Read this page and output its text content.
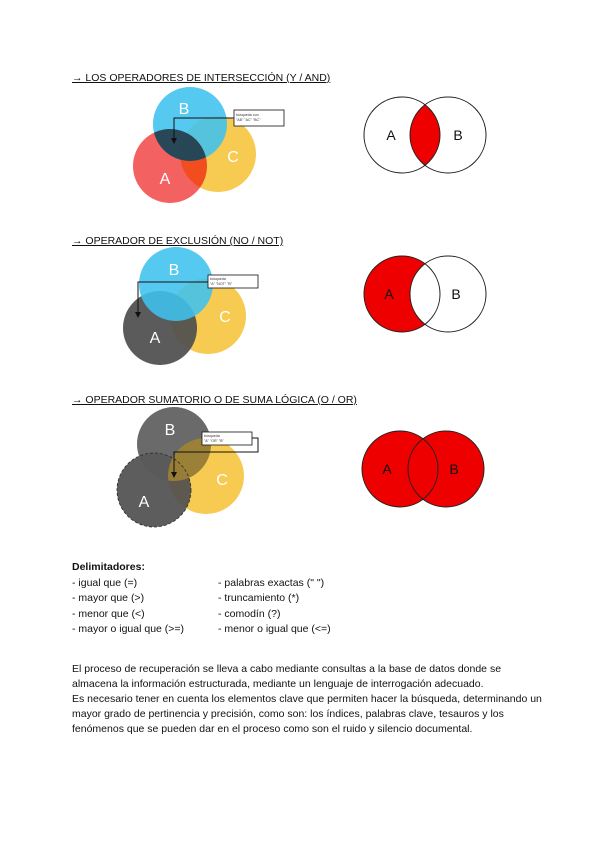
→ LOS OPERADORES DE INTERSECCIÓN (Y / AND)
B
C
A
búsqueda con
"AB" "AC" "BC"
A	B
→ OPERADOR DE EXCLUSIÓN (NO / NOT)
B
C
A
búsqueda
"A" "NOT" "B"
A	B
→ OPERADOR SUMATORIO O DE SUMA LÓGICA (O / OR)
B
C
A
búsqueda
"A" "OR" "B"
A	B
Delimitadores:
- igual que (=)
- mayor que (>)
- menor que (<)
- mayor o igual que (>=)
- palabras exactas (" ")
- truncamiento (*)
- comodín (?)
- menor o igual que (<=)

El proceso de recuperación se lleva a cabo mediante consultas a la base de datos donde se almacena la información estructurada, mediante un lenguaje de interrogación adecuado.

Es necesario tener en cuenta los elementos clave que permiten hacer la búsqueda, determinando un mayor grado de pertinencia y precisión, como son: los índices, palabras clave, tesauros y los fenómenos que se pueden dar en el proceso como son el ruido y silencio documental.
